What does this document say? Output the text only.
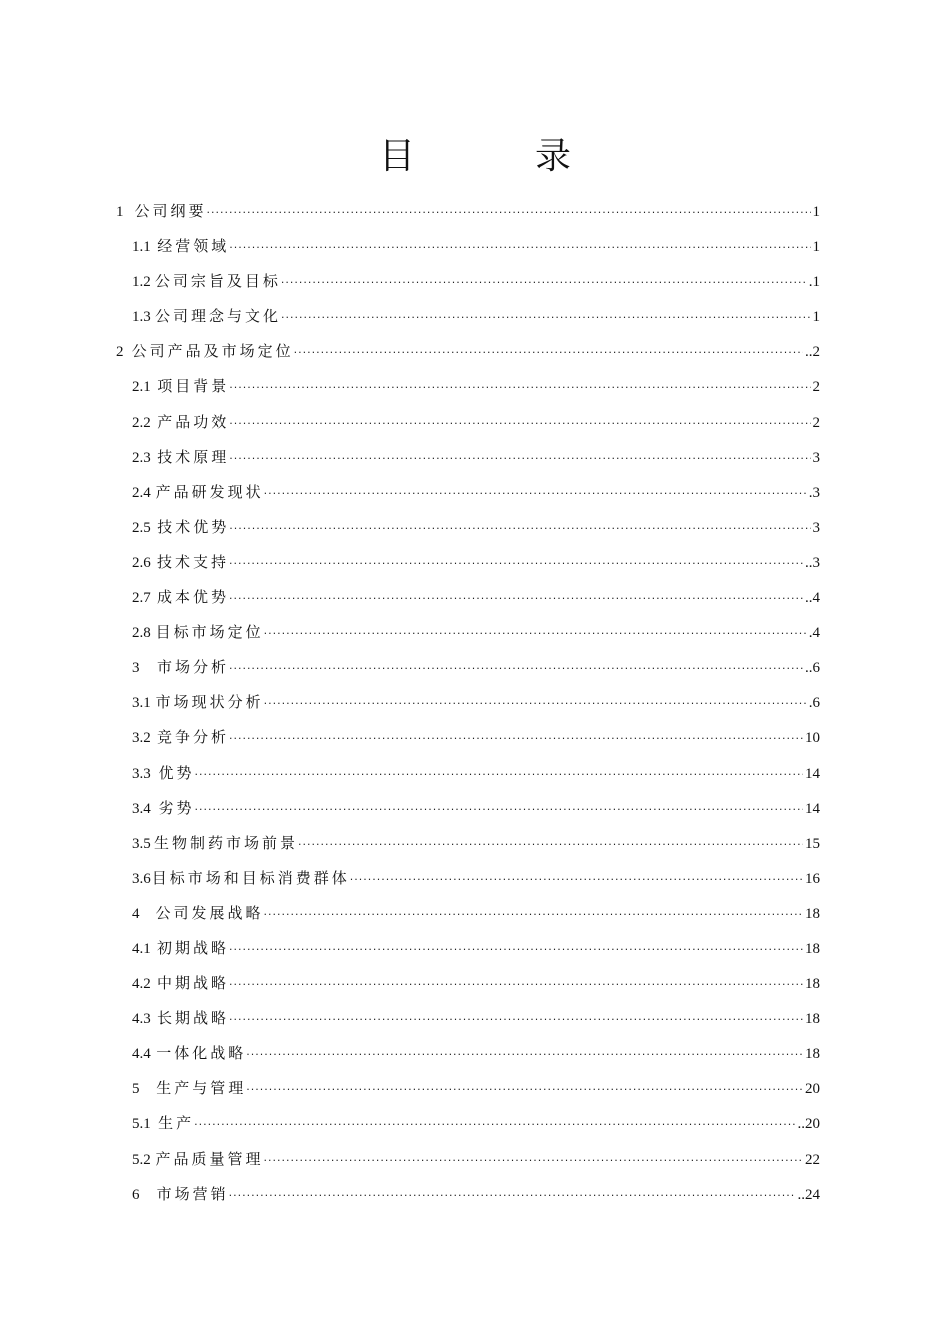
目	录
1 公司纲要 ·····	1
1.1 经营领域 ·····	1
1.2 公司宗旨及目标 ·····	.1
1.3 公司理念与文化 ·····	1
2 公司产品及市场定位 ·····	..2
2.1 项目背景 ·····	2
2.2 产品功效 ·····	2
2.3 技术原理 ·····	3
2.4 产品研发现状 ·····	.3
2.5 技术优势 ·····	3
2.6 技术支持 ·····	..3
2.7 成本优势 ·····	..4
2.8 目标市场定位 ·····	.4
3	市场分析 ·····	..6
3.1 市场现状分析 ·····	.6
3.2 竞争分析 ·····	10
3.3 优势 ·····	14
3.4 劣势 ·····	14
3.5 生物制药市场前景 ·····	15
3.6 目标市场和目标消费群体 ·····	16
4	公司发展战略 ·····	18
4.1 初期战略 ·····	18
4.2 中期战略 ·····	18
4.3 长期战略 ·····	18
4.4 一体化战略 ·····	18
5	生产与管理 ·····	20
5.1 生产 ·····	..20
5.2 产品质量管理 ·····	22
6	市场营销 ·····	..24
